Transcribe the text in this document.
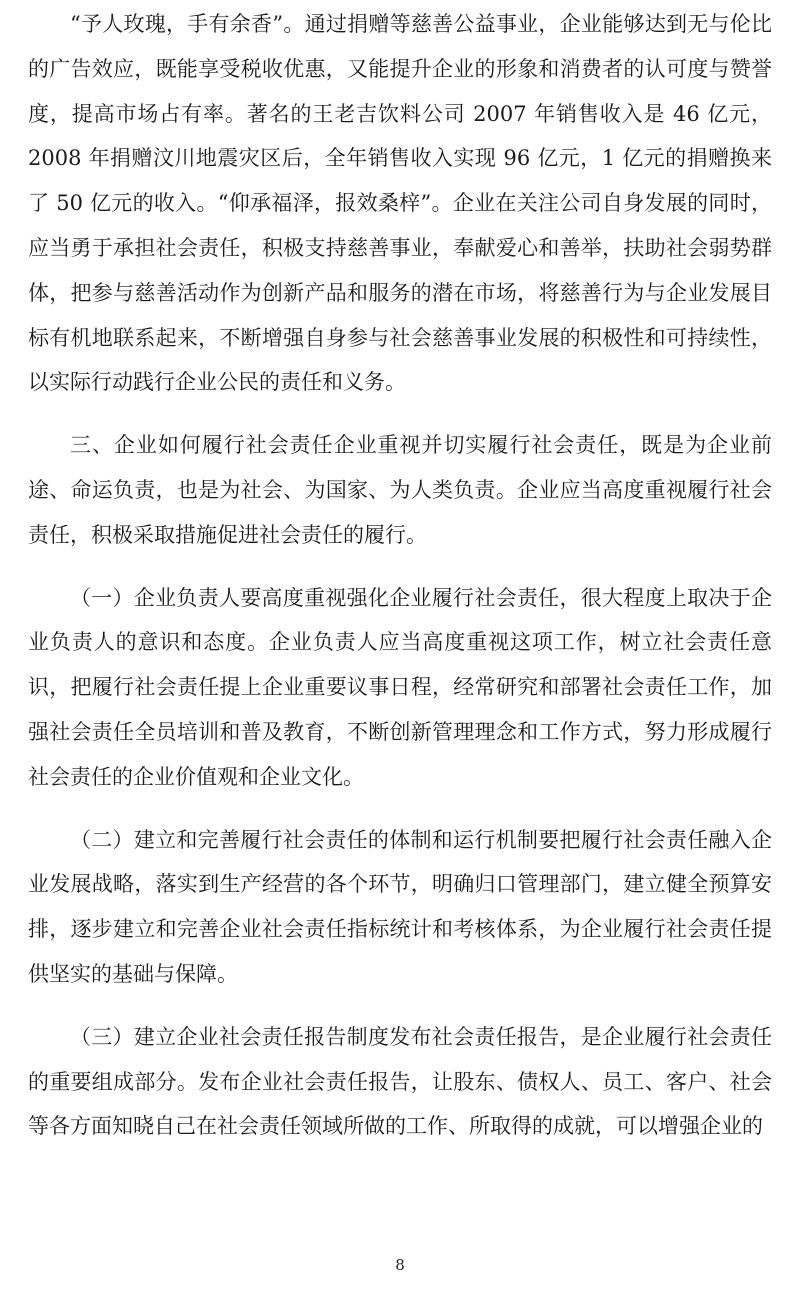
“予人玫瑰，手有余香”。通过捐赠等慈善公益事业，企业能够达到无与伦比的广告效应，既能享受税收优惠，又能提升企业的形象和消费者的认可度与赞誉度，提高市场占有率。著名的王老吉饮料公司 2007 年销售收入是 46 亿元，2008 年捐赠汶川地震灾区后，全年销售收入实现 96 亿元，1 亿元的捐赠换来了 50 亿元的收入。“仰承福泽，报效桑梓”。企业在关注公司自身发展的同时，应当勇于承担社会责任，积极支持慈善事业，奉献爱心和善举，扶助社会弱势群体，把参与慈善活动作为创新产品和服务的潜在市场，将慈善行为与企业发展目标有机地联系起来，不断增强自身参与社会慈善事业发展的积极性和可持续性，以实际行动践行企业公民的责任和义务。

三、企业如何履行社会责任企业重视并切实履行社会责任，既是为企业前途、命运负责，也是为社会、为国家、为人类负责。企业应当高度重视履行社会责任，积极采取措施促进社会责任的履行。

（一）企业负责人要高度重视强化企业履行社会责任，很大程度上取决于企业负责人的意识和态度。企业负责人应当高度重视这项工作，树立社会责任意识，把履行社会责任提上企业重要议事日程，经常研究和部署社会责任工作，加强社会责任全员培训和普及教育，不断创新管理理念和工作方式，努力形成履行社会责任的企业价值观和企业文化。

（二）建立和完善履行社会责任的体制和运行机制要把履行社会责任融入企业发展战略，落实到生产经营的各个环节，明确归口管理部门，建立健全预算安排，逐步建立和完善企业社会责任指标统计和考核体系，为企业履行社会责任提供坚实的基础与保障。

（三）建立企业社会责任报告制度发布社会责任报告，是企业履行社会责任的重要组成部分。发布企业社会责任报告，让股东、债权人、员工、客户、社会等各方面知晓自己在社会责任领域所做的工作、所取得的成就，可以增强企业的

8
